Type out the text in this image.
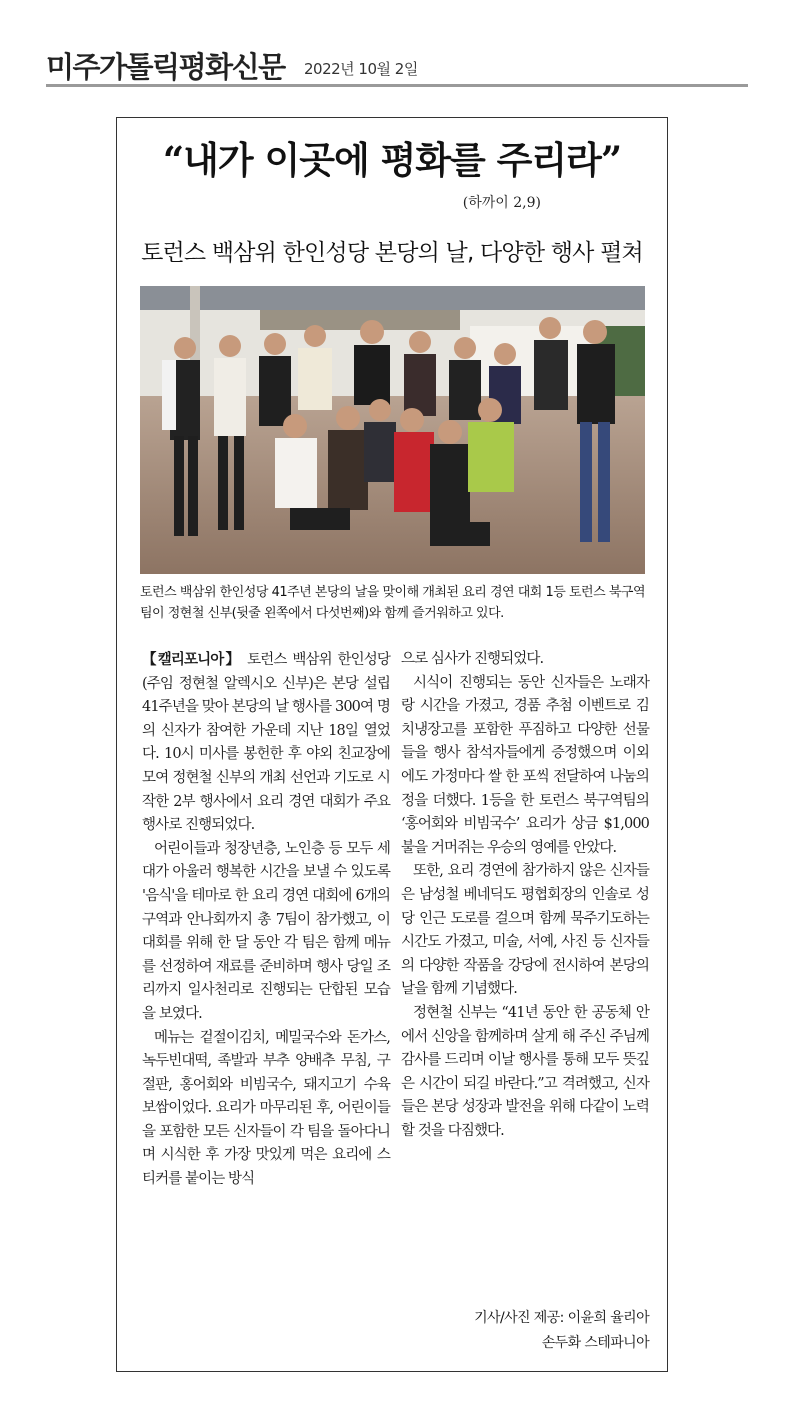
미주가톨릭평화신문 2022년 10월 2일
“내가 이곳에 평화를 주리라”
(하까이 2,9)
토런스 백삼위 한인성당 본당의 날, 다양한 행사 펼쳐
토런스 백삼위 한인성당 41주년 본당의 날을 맞이해 개최된 요리 경연 대회 1등 토런스 북구역팀이 정현철 신부(뒷줄 왼쪽에서 다섯번째)와 함께 즐거워하고 있다.

【캘리포니아】 토런스 백삼위 한인성당(주임 정현철 알렉시오 신부)은 본당 설립 41주년을 맞아 본당의 날 행사를 300여 명의 신자가 참여한 가운데 지난 18일 열었다. 10시 미사를 봉헌한 후 야외 친교장에 모여 정현철 신부의 개최 선언과 기도로 시작한 2부 행사에서 요리 경연 대회가 주요 행사로 진행되었다.

어린이들과 청장년층, 노인층 등 모두 세대가 아울러 행복한 시간을 보낼 수 있도록 '음식'을 테마로 한 요리 경연 대회에 6개의 구역과 안나회까지 총 7팀이 참가했고, 이 대회를 위해 한 달 동안 각 팀은 함께 메뉴를 선정하여 재료를 준비하며 행사 당일 조리까지 일사천리로 진행되는 단합된 모습을 보였다.

메뉴는 겉절이김치, 메밀국수와 돈가스, 녹두빈대떡, 족발과 부추 양배추 무침, 구절판, 홍어회와 비빔국수, 돼지고기 수육 보쌈이었다. 요리가 마무리된 후, 어린이들을 포함한 모든 신자들이 각 팀을 돌아다니며 시식한 후 가장 맛있게 먹은 요리에 스티커를 붙이는 방식

으로 심사가 진행되었다.

시식이 진행되는 동안 신자들은 노래자랑 시간을 가졌고, 경품 추첨 이벤트로 김치냉장고를 포함한 푸짐하고 다양한 선물들을 행사 참석자들에게 증정했으며 이외에도 가정마다 쌀 한 포씩 전달하여 나눔의 정을 더했다. 1등을 한 토런스 북구역팀의 ‘홍어회와 비빔국수’ 요리가 상금 $1,000불을 거머쥐는 우승의 영예를 안았다.

또한, 요리 경연에 참가하지 않은 신자들은 남성철 베네딕도 평협회장의 인솔로 성당 인근 도로를 걸으며 함께 묵주기도하는 시간도 가졌고, 미술, 서예, 사진 등 신자들의 다양한 작품을 강당에 전시하여 본당의 날을 함께 기념했다.

정현철 신부는 “41년 동안 한 공동체 안에서 신앙을 함께하며 살게 해 주신 주님께 감사를 드리며 이날 행사를 통해 모두 뜻깊은 시간이 되길 바란다.”고 격려했고, 신자들은 본당 성장과 발전을 위해 다같이 노력할 것을 다짐했다.

기사/사진 제공: 이윤희 율리아
손두화 스테파니아
